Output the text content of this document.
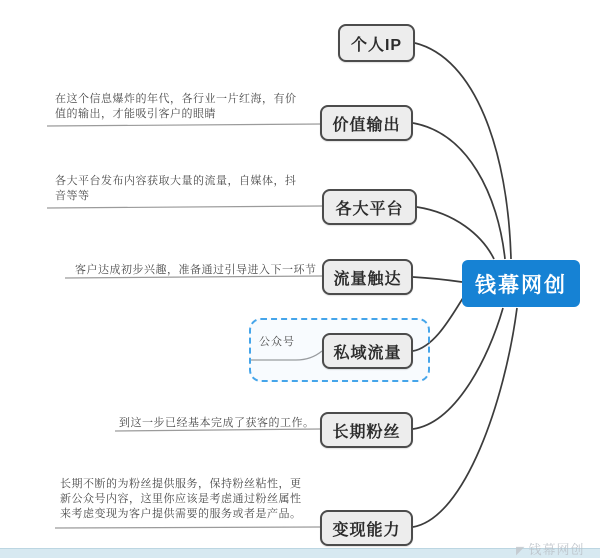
在这个信息爆炸的年代，各行业一片红海，有价值的输出，才能吸引客户的眼睛
各大平台发布内容获取大量的流量，自媒体，抖音等等
客户达成初步兴趣，准备通过引导进入下一环节
到这一步已经基本完成了获客的工作。
长期不断的为粉丝提供服务，保持粉丝粘性，更新公众号内容，这里你应该是考虑通过粉丝属性来考虑变现为客户提供需要的服务或者是产品。
公众号
个人IP
价值输出
各大平台
流量触达
私域流量
长期粉丝
变现能力
钱幕网创
◤ 钱幕网创
